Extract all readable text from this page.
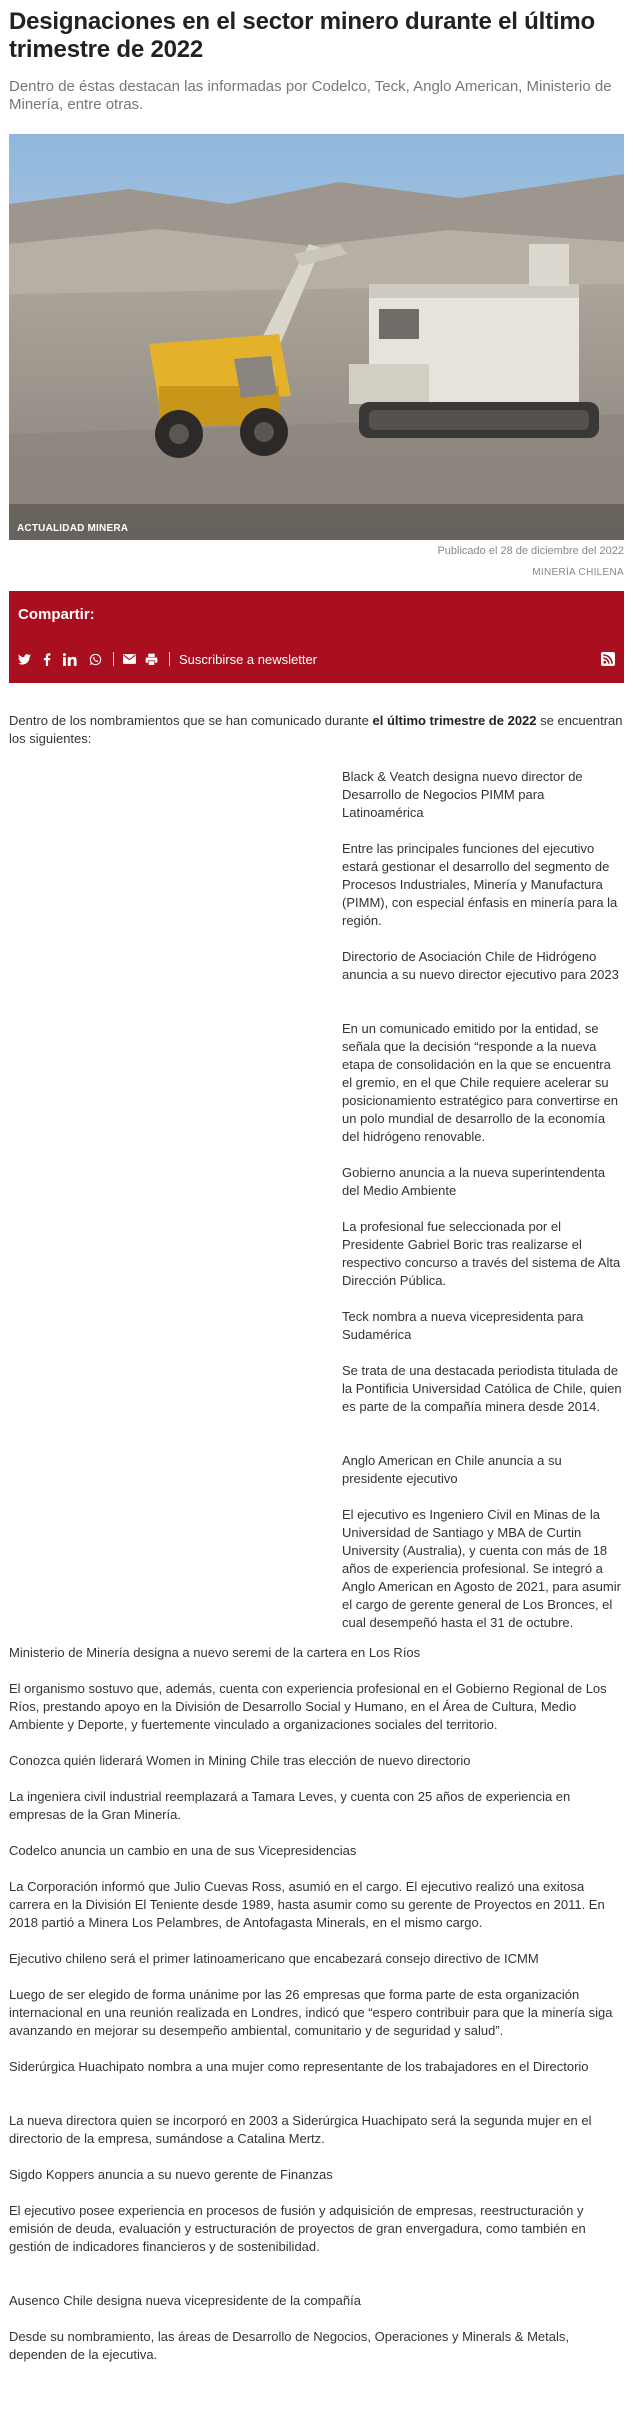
Designaciones en el sector minero durante el último trimestre de 2022

Dentro de éstas destacan las informadas por Codelco, Teck, Anglo American, Ministerio de Minería, entre otras.

ACTUALIDAD MINERA
Publicado el 28 de diciembre del 2022
MINERÍA CHILENA
Compartir:
Suscribirse a newsletter

Dentro de los nombramientos que se han comunicado durante el último trimestre de 2022 se encuentran los siguientes:

Black & Veatch designa nuevo director de Desarrollo de Negocios PIMM para Latinoamérica

Entre las principales funciones del ejecutivo estará gestionar el desarrollo del segmento de Procesos Industriales, Minería y Manufactura (PIMM), con especial énfasis en minería para la región.

Directorio de Asociación Chile de Hidrógeno anuncia a su nuevo director ejecutivo para 2023

En un comunicado emitido por la entidad, se señala que la decisión “responde a la nueva etapa de consolidación en la que se encuentra el gremio, en el que Chile requiere acelerar su posicionamiento estratégico para convertirse en un polo mundial de desarrollo de la economía del hidrógeno renovable.

Gobierno anuncia a la nueva superintendenta del Medio Ambiente

La profesional fue seleccionada por el Presidente Gabriel Boric tras realizarse el respectivo concurso a través del sistema de Alta Dirección Pública.

Teck nombra a nueva vicepresidenta para Sudamérica

Se trata de una destacada periodista titulada de la Pontificia Universidad Católica de Chile, quien es parte de la compañía minera desde 2014.

Anglo American en Chile anuncia a su presidente ejecutivo

El ejecutivo es Ingeniero Civil en Minas de la Universidad de Santiago y MBA de Curtin University (Australia), y cuenta con más de 18 años de experiencia profesional. Se integró a Anglo American en Agosto de 2021, para asumir el cargo de gerente general de Los Bronces, el cual desempeñó hasta el 31 de octubre.

Ministerio de Minería designa a nuevo seremi de la cartera en Los Ríos

El organismo sostuvo que, además, cuenta con experiencia profesional en el Gobierno Regional de Los Ríos, prestando apoyo en la División de Desarrollo Social y Humano, en el Área de Cultura, Medio Ambiente y Deporte, y fuertemente vinculado a organizaciones sociales del territorio.

Conozca quién liderará Women in Mining Chile tras elección de nuevo directorio

La ingeniera civil industrial reemplazará a Tamara Leves, y cuenta con 25 años de experiencia en empresas de la Gran Minería.

Codelco anuncia un cambio en una de sus Vicepresidencias

La Corporación informó que Julio Cuevas Ross, asumió en el cargo. El ejecutivo realizó una exitosa carrera en la División El Teniente desde 1989, hasta asumir como su gerente de Proyectos en 2011. En 2018 partió a Minera Los Pelambres, de Antofagasta Minerals, en el mismo cargo.

Ejecutivo chileno será el primer latinoamericano que encabezará consejo directivo de ICMM

Luego de ser elegido de forma unánime por las 26 empresas que forma parte de esta organización internacional en una reunión realizada en Londres, indicó que “espero contribuir para que la minería siga avanzando en mejorar su desempeño ambiental, comunitario y de seguridad y salud”.

Siderúrgica Huachipato nombra a una mujer como representante de los trabajadores en el Directorio

La nueva directora quien se incorporó en 2003 a Siderúrgica Huachipato será la segunda mujer en el directorio de la empresa, sumándose a Catalina Mertz.

Sigdo Koppers anuncia a su nuevo gerente de Finanzas

El ejecutivo posee experiencia en procesos de fusión y adquisición de empresas, reestructuración y emisión de deuda, evaluación y estructuración de proyectos de gran envergadura, como también en gestión de indicadores financieros y de sostenibilidad.

Ausenco Chile designa nueva vicepresidente de la compañía

Desde su nombramiento, las áreas de Desarrollo de Negocios, Operaciones y Minerals & Metals, dependen de la ejecutiva.
